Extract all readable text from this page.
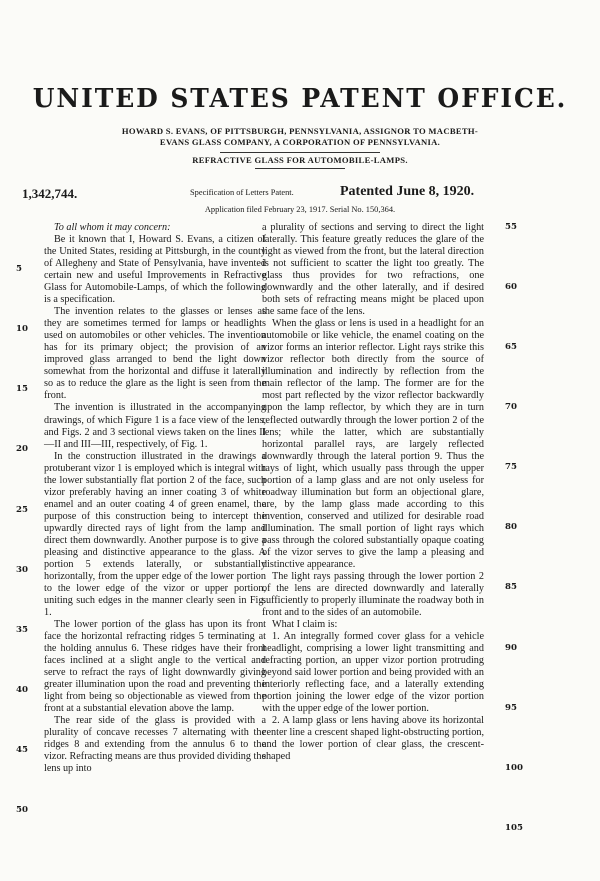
UNITED STATES PATENT OFFICE.
HOWARD S. EVANS, OF PITTSBURGH, PENNSYLVANIA, ASSIGNOR TO MACBETH-
EVANS GLASS COMPANY, A CORPORATION OF PENNSYLVANIA.
REFRACTIVE GLASS FOR AUTOMOBILE-LAMPS.
1,342,744.	Specification of Letters Patent.	Patented June 8, 1920.
Application filed February 23, 1917. Serial No. 150,364.

To all whom it may concern:

Be it known that I, Howard S. Evans, a citizen of the United States, residing at Pittsburgh, in the county of Allegheny and State of Pensylvania, have invented certain new and useful Improvements in Refractive Glass for Automobile-Lamps, of which the following is a specification.

The invention relates to the glasses or lenses as they are sometimes termed for lamps or headlights used on automobiles or other vehicles. The invention has for its primary object; the provision of an improved glass arranged to bend the light down somewhat from the horizontal and diffuse it laterally so as to reduce the glare as the light is seen from the front.

The invention is illustrated in the accompanying drawings, of which Figure 1 is a face view of the lens, and Figs. 2 and 3 sectional views taken on the lines II—II and III—III, respectively, of Fig. 1.

In the construction illustrated in the drawings a protuberant vizor 1 is employed which is integral with the lower substantially flat portion 2 of the face, such vizor preferably having an inner coating 3 of white enamel and an outer coating 4 of green enamel, the purpose of this construction being to intercept the upwardly directed rays of light from the lamp and direct them downwardly. Another purpose is to give a pleasing and distinctive appearance to the glass. A portion 5 extends laterally, or substantially horizontally, from the upper edge of the lower portion to the lower edge of the vizor or upper portion, uniting such edges in the manner clearly seen in Fig. 1.

The lower portion of the glass has upon its front face the horizontal refracting ridges 5 terminating at the holding annulus 6. These ridges have their front faces inclined at a slight angle to the vertical and serve to refract the rays of light downwardly giving greater illumination upon the road and preventing the light from being so objectionable as viewed from the front at a substantial elevation above the lamp.

The rear side of the glass is provided with a plurality of concave recesses 7 alternating with the ridges 8 and extending from the annulus 6 to the vizor. Refracting means are thus provided dividing the lens up into

a plurality of sections and serving to direct the light laterally. This feature greatly reduces the glare of the light as viewed from the front, but the lateral direction is not sufficient to scatter the light too greatly. The glass thus provides for two refractions, one downwardly and the other laterally, and if desired both sets of refracting means might be placed upon the same face of the lens.

When the glass or lens is used in a headlight for an automobile or like vehicle, the enamel coating on the vizor forms an interior reflector. Light rays strike this vizor reflector both directly from the source of illumination and indirectly by reflection from the main reflector of the lamp. The former are for the most part reflected by the vizor reflector backwardly upon the lamp reflector, by which they are in turn reflected outwardly through the lower portion 2 of the lens; while the latter, which are substantially horizontal parallel rays, are largely reflected downwardly through the lateral portion 9. Thus the rays of light, which usually pass through the upper portion of a lamp glass and are not only useless for roadway illumination but form an objectional glare, are, by the lamp glass made according to this invention, conserved and utilized for desirable road illumination. The small portion of light rays which pass through the colored substantially opaque coating of the vizor serves to give the lamp a pleasing and distinctive appearance.

The light rays passing through the lower portion 2 of the lens are directed downwardly and laterally sufficiently to properly illuminate the roadway both in front and to the sides of an automobile.

What I claim is:

1. An integrally formed cover glass for a vehicle headlight, comprising a lower light transmitting and refracting portion, an upper vizor portion protruding beyond said lower portion and being provided with an interiorly reflecting face, and a laterally extending portion joining the lower edge of the vizor portion with the upper edge of the lower portion.

2. A lamp glass or lens having above its horizontal center line a crescent shaped light-obstructing portion, and the lower portion of clear glass, the crescent-shaped

5
10
15
20
25
30
35
40
45
50
55
60
65
70
75
80
85
90
95
100
105
